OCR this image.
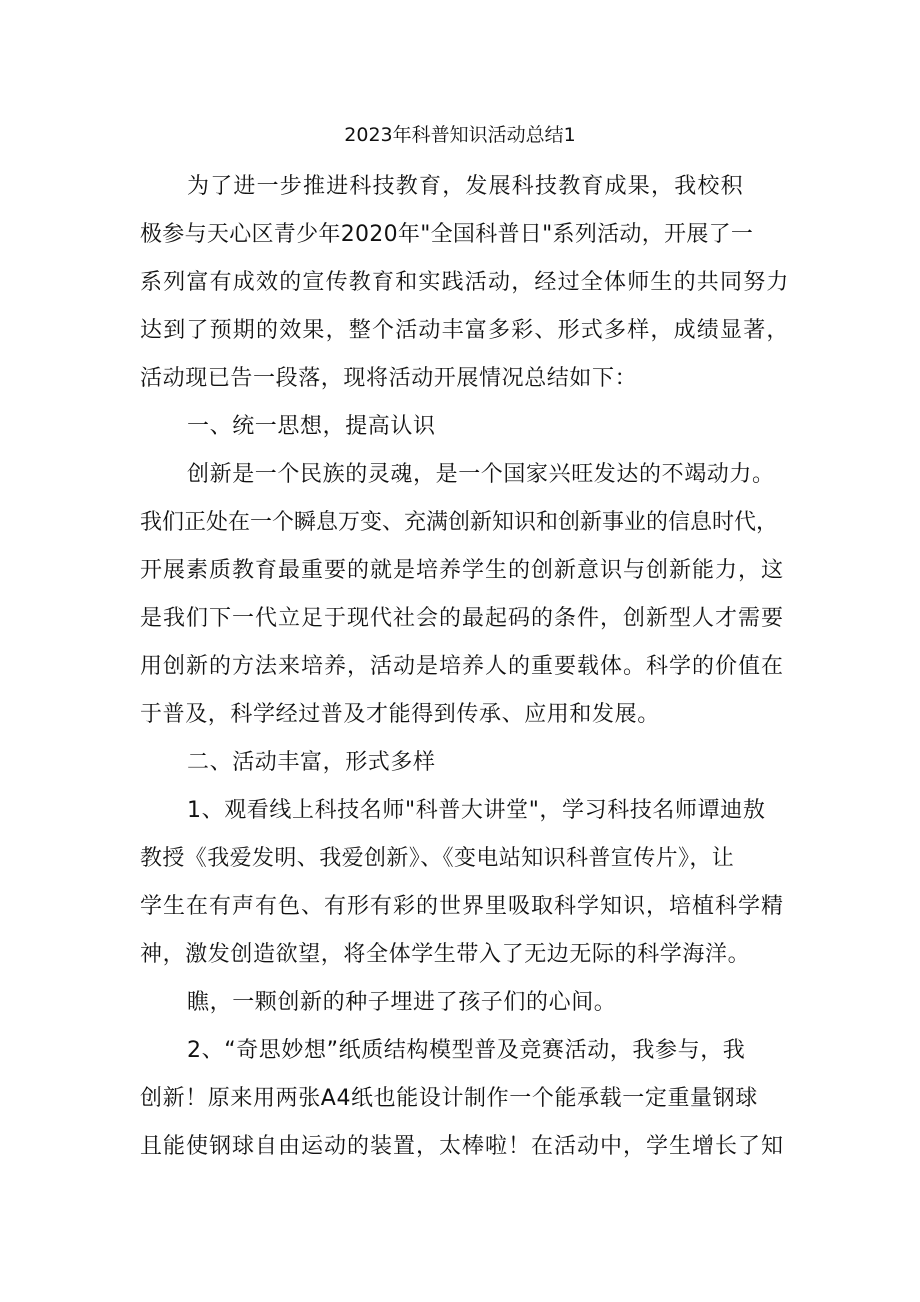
2023年科普知识活动总结1
为了进一步推进科技教育，发展科技教育成果，我校积
极参与天心区青少年2020年"全国科普日"系列活动，开展了一
系列富有成效的宣传教育和实践活动，经过全体师生的共同努力
达到了预期的效果，整个活动丰富多彩、形式多样，成绩显著，
活动现已告一段落，现将活动开展情况总结如下：
一、统一思想，提高认识
创新是一个民族的灵魂，是一个国家兴旺发达的不竭动力。
我们正处在一个瞬息万变、充满创新知识和创新事业的信息时代，
开展素质教育最重要的就是培养学生的创新意识与创新能力，这
是我们下一代立足于现代社会的最起码的条件，创新型人才需要
用创新的方法来培养，活动是培养人的重要载体。科学的价值在
于普及，科学经过普及才能得到传承、应用和发展。
二、活动丰富，形式多样
1、观看线上科技名师"科普大讲堂"，学习科技名师谭迪敖
教授《我爱发明、我爱创新》、《变电站知识科普宣传片》，让
学生在有声有色、有形有彩的世界里吸取科学知识，培植科学精
神，激发创造欲望，将全体学生带入了无边无际的科学海洋。
瞧，一颗创新的种子埋进了孩子们的心间。
2、“奇思妙想”纸质结构模型普及竞赛活动，我参与，我
创新！原来用两张A4纸也能设计制作一个能承载一定重量钢球
且能使钢球自由运动的装置，太棒啦！在活动中，学生增长了知
